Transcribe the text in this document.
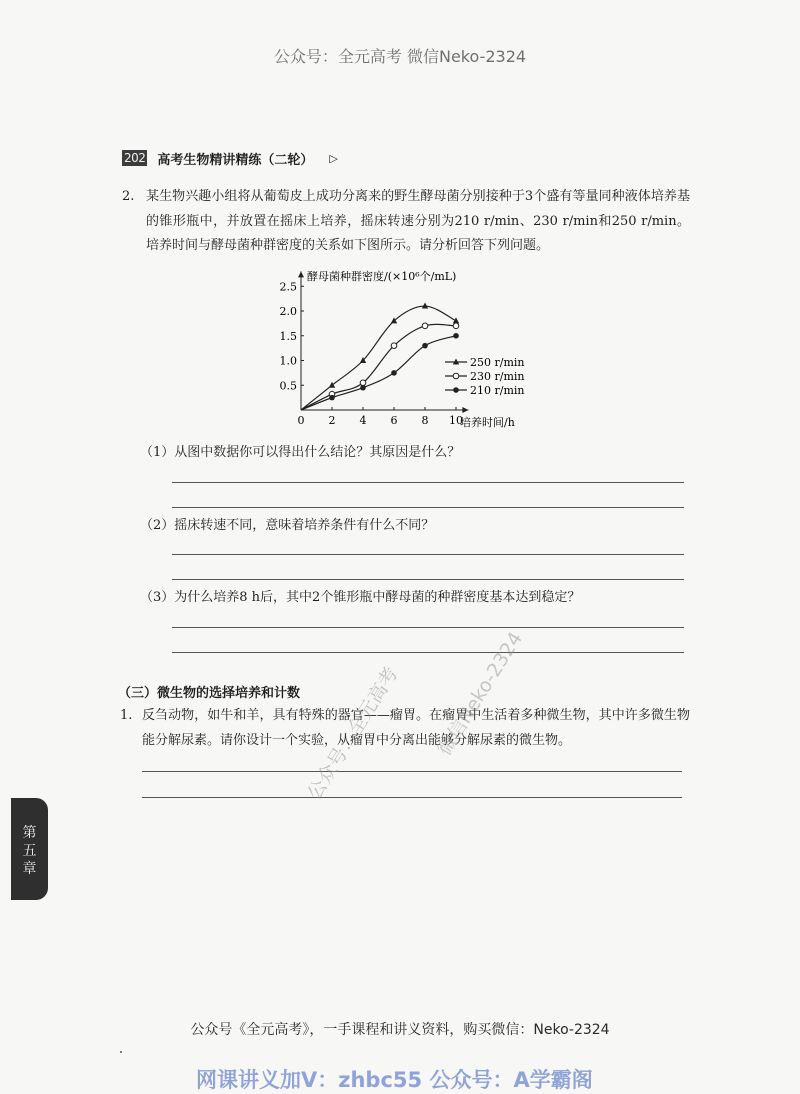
公众号：全元高考 微信Neko-2324
202 高考生物精讲精练（二轮） ▷
2. 某生物兴趣小组将从葡萄皮上成功分离来的野生酵母菌分别接种于3个盛有等量同种液体培养基的锥形瓶中，并放置在摇床上培养，摇床转速分别为210 r/min、230 r/min和250 r/min。培养时间与酵母菌种群密度的关系如下图所示。请分析回答下列问题。
0 2 4 6 8 10
0.5
1.0
1.5
2.0
2.5
酵母菌种群密度/(×10⁶个/mL)
培养时间/h
250 r/min
230 r/min
210 r/min
（1）从图中数据你可以得出什么结论？其原因是什么？
（2）摇床转速不同，意味着培养条件有什么不同？
（3）为什么培养8 h后，其中2个锥形瓶中酵母菌的种群密度基本达到稳定？
（三）微生物的选择培养和计数
1. 反刍动物，如牛和羊，具有特殊的器官——瘤胃。在瘤胃中生活着多种微生物，其中许多微生物能分解尿素。请你设计一个实验，从瘤胃中分离出能够分解尿素的微生物。
第
五
章
公众号：全元高考 微信Neko-2324
公众号《全元高考》，一手课程和讲义资料，购买微信：Neko-2324
网课讲义加V：zhbc55 公众号：A学霸阁
